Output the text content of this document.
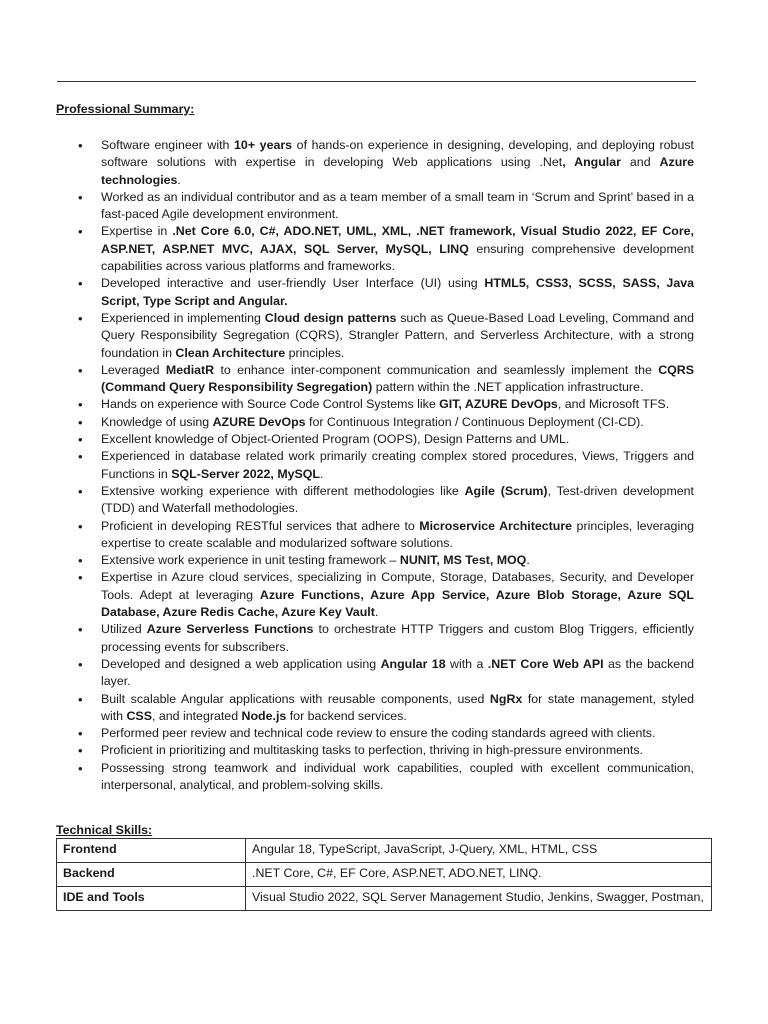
Professional Summary:
• Software engineer with 10+ years of hands-on experience in designing, developing, and deploying robust software solutions with expertise in developing Web applications using .Net, Angular and Azure technologies.
• Worked as an individual contributor and as a team member of a small team in ‘Scrum and Sprint’ based in a fast-paced Agile development environment.
• Expertise in .Net Core 6.0, C#, ADO.NET, UML, XML, .NET framework, Visual Studio 2022, EF Core, ASP.NET, ASP.NET MVC, AJAX, SQL Server, MySQL, LINQ ensuring comprehensive development capabilities across various platforms and frameworks.
• Developed interactive and user-friendly User Interface (UI) using HTML5, CSS3, SCSS, SASS, Java Script, Type Script and Angular.
• Experienced in implementing Cloud design patterns such as Queue-Based Load Leveling, Command and Query Responsibility Segregation (CQRS), Strangler Pattern, and Serverless Architecture, with a strong foundation in Clean Architecture principles.
• Leveraged MediatR to enhance inter-component communication and seamlessly implement the CQRS (Command Query Responsibility Segregation) pattern within the .NET application infrastructure.
• Hands on experience with Source Code Control Systems like GIT, AZURE DevOps, and Microsoft TFS.
• Knowledge of using AZURE DevOps for Continuous Integration / Continuous Deployment (CI-CD).
• Excellent knowledge of Object-Oriented Program (OOPS), Design Patterns and UML.
• Experienced in database related work primarily creating complex stored procedures, Views, Triggers and Functions in SQL-Server 2022, MySQL.
• Extensive working experience with different methodologies like Agile (Scrum), Test-driven development (TDD) and Waterfall methodologies.
• Proficient in developing RESTful services that adhere to Microservice Architecture principles, leveraging expertise to create scalable and modularized software solutions.
• Extensive work experience in unit testing framework – NUNIT, MS Test, MOQ.
• Expertise in Azure cloud services, specializing in Compute, Storage, Databases, Security, and Developer Tools. Adept at leveraging Azure Functions, Azure App Service, Azure Blob Storage, Azure SQL Database, Azure Redis Cache, Azure Key Vault.
• Utilized Azure Serverless Functions to orchestrate HTTP Triggers and custom Blog Triggers, efficiently processing events for subscribers.
• Developed and designed a web application using Angular 18 with a .NET Core Web API as the backend layer.
• Built scalable Angular applications with reusable components, used NgRx for state management, styled with CSS, and integrated Node.js for backend services.
• Performed peer review and technical code review to ensure the coding standards agreed with clients.
• Proficient in prioritizing and multitasking tasks to perfection, thriving in high-pressure environments.
• Possessing strong teamwork and individual work capabilities, coupled with excellent communication, interpersonal, analytical, and problem-solving skills.
Technical Skills:
Frontend	Angular 18, TypeScript, JavaScript, J-Query, XML, HTML, CSS
Backend	.NET Core, C#, EF Core, ASP.NET, ADO.NET, LINQ.
IDE and Tools	Visual Studio 2022, SQL Server Management Studio, Jenkins, Swagger, Postman,
